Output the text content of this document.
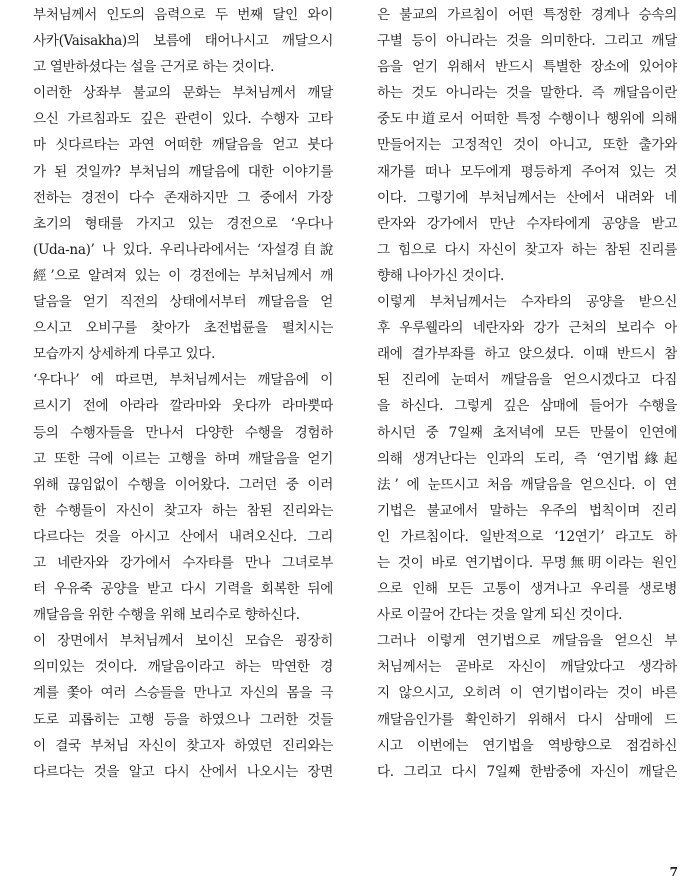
부처님께서 인도의 음력으로 두 번째 달인 와이
사카(Vaisakha)의 보름에 태어나시고 깨달으시
고 열반하셨다는 설을 근거로 하는 것이다.
이러한 상좌부 불교의 문화는 부처님께서 깨달
으신 가르침과도 깊은 관련이 있다. 수행자 고타
마 싯다르타는 과연 어떠한 깨달음을 얻고 붓다
가 된 것일까? 부처님의 깨달음에 대한 이야기를
전하는 경전이 다수 존재하지만 그 중에서 가장
초기의 형태를 가지고 있는 경전으로 ‘우다나
(Uda-na)’ 나 있다. 우리나라에서는 ‘자설경自說
經’으로 알려져 있는 이 경전에는 부처님께서 깨
달음을 얻기 직전의 상태에서부터 깨달음을 얻
으시고 오비구를 찾아가 초전법륜을 펼치시는
모습까지 상세하게 다루고 있다.
‘우다나’ 에 따르면, 부처님께서는 깨달음에 이
르시기 전에 아라라 깔라마와 웃다까 라마뿟따
등의 수행자들을 만나서 다양한 수행을 경험하
고 또한 극에 이르는 고행을 하며 깨달음을 얻기
위해 끊임없이 수행을 이어왔다. 그러던 중 이러
한 수행들이 자신이 찾고자 하는 참된 진리와는
다르다는 것을 아시고 산에서 내려오신다. 그리
고 네란자와 강가에서 수자타를 만나 그녀로부
터 우유죽 공양을 받고 다시 기력을 회복한 뒤에
깨달음을 위한 수행을 위해 보리수로 향하신다.
이 장면에서 부처님께서 보이신 모습은 굉장히
의미있는 것이다. 깨달음이라고 하는 막연한 경
계를 쫓아 여러 스승들을 만나고 자신의 몸을 극
도로 괴롭히는 고행 등을 하였으나 그러한 것들
이 결국 부처님 자신이 찾고자 하였던 진리와는
다르다는 것을 알고 다시 산에서 나오시는 장면
은 불교의 가르침이 어떤 특정한 경계나 승속의
구별 등이 아니라는 것을 의미한다. 그리고 깨달
음을 얻기 위해서 반드시 특별한 장소에 있어야
하는 것도 아니라는 것을 말한다. 즉 깨달음이란
중도中道로서 어떠한 특정 수행이나 행위에 의해
만들어지는 고정적인 것이 아니고, 또한 출가와
재가를 떠나 모두에게 평등하게 주어져 있는 것
이다. 그렇기에 부처님께서는 산에서 내려와 네
란자와 강가에서 만난 수자타에게 공양을 받고
그 힘으로 다시 자신이 찾고자 하는 참된 진리를
향해 나아가신 것이다.
이렇게 부처님께서는 수자타의 공양을 받으신
후 우루웰라의 네란자와 강가 근처의 보리수 아
래에 결가부좌를 하고 앉으셨다. 이때 반드시 참
된 진리에 눈떠서 깨달음을 얻으시겠다고 다짐
을 하신다. 그렇게 깊은 삼매에 들어가 수행을
하시던 중 7일째 초저녁에 모든 만물이 인연에
의해 생겨난다는 인과의 도리, 즉 ‘연기법緣起
法’ 에 눈뜨시고 처음 깨달음을 얻으신다. 이 연
기법은 불교에서 말하는 우주의 법칙이며 진리
인 가르침이다. 일반적으로 ‘12연기’ 라고도 하
는 것이 바로 연기법이다. 무명無明이라는 원인
으로 인해 모든 고통이 생겨나고 우리를 생로병
사로 이끌어 간다는 것을 알게 되신 것이다.
그러나 이렇게 연기법으로 깨달음을 얻으신 부
처님께서는 곧바로 자신이 깨달았다고 생각하
지 않으시고, 오히려 이 연기법이라는 것이 바른
깨달음인가를 확인하기 위해서 다시 삼매에 드
시고 이번에는 연기법을 역방향으로 점검하신
다. 그리고 다시 7일째 한밤중에 자신이 깨달은
7
